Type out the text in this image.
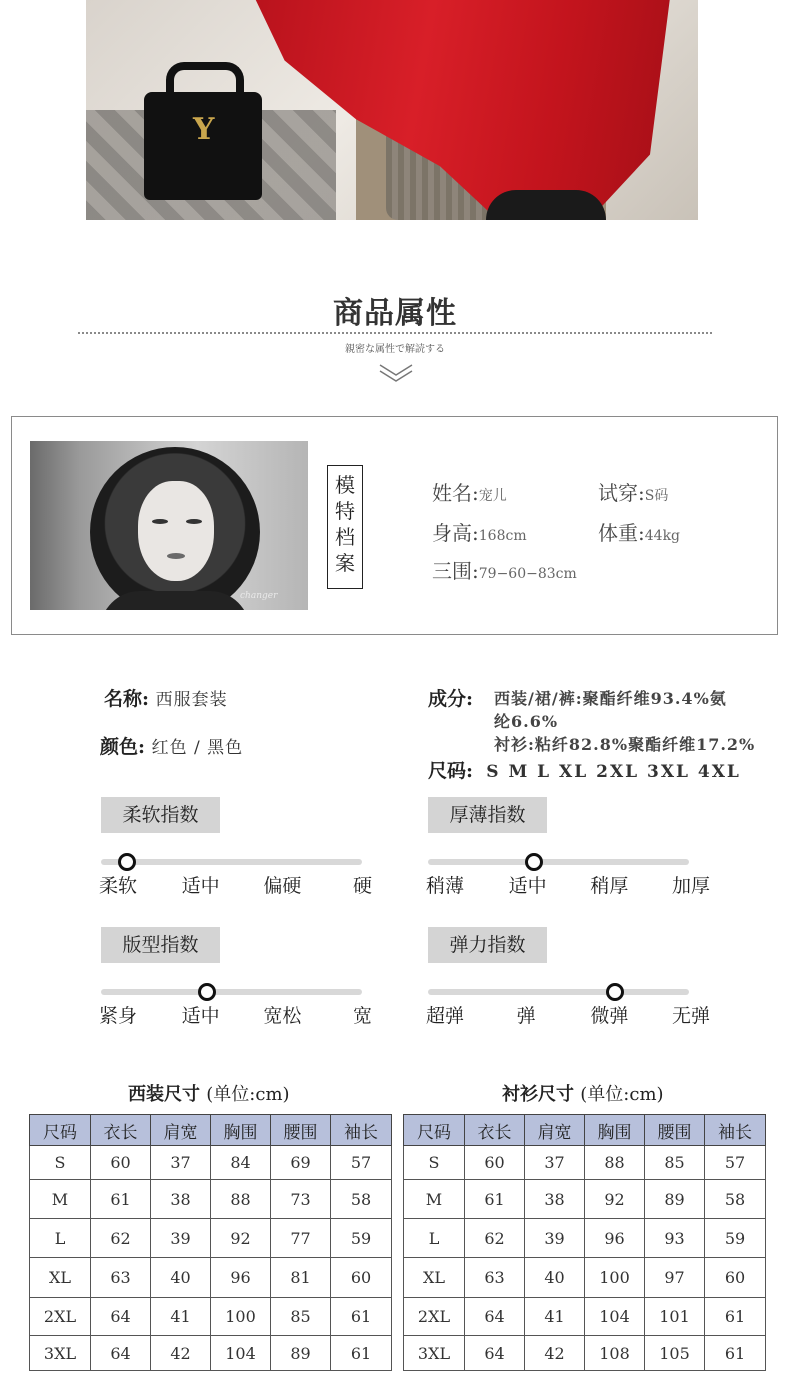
Y
商品属性
親密な属性で解読する
changer
模
特
档
案
姓名:宠儿	试穿:S码
身高:168cm	体重:44kg
三围:79−60−83cm
名称: 西服套装
颜色: 红色 / 黑色
成分: 西装/裙/裤:聚酯纤维93.4%氨
纶6.6%
衬衫:粘纤82.8%聚酯纤维17.2%
尺码: S M L XL 2XL 3XL 4XL
柔软指数
柔软 适中 偏硬	硬
厚薄指数
稍薄 适中 稍厚 加厚
版型指数
紧身 适中 宽松	宽
弹力指数
超弹	弹	微弹 无弹
西装尺寸 (单位:cm)
尺码	衣长	肩宽	胸围	腰围	袖长
S	60	37	84	69	57
M	61	38	88	73	58
L	62	39	92	77	59
XL	63	40	96	81	60
2XL	64	41	100	85	61
3XL	64	42	104	89	61
衬衫尺寸 (单位:cm)
尺码	衣长	肩宽	胸围	腰围	袖长
S	60	37	88	85	57
M	61	38	92	89	58
L	62	39	96	93	59
XL	63	40	100	97	60
2XL	64	41	104	101	61
3XL	64	42	108	105	61
